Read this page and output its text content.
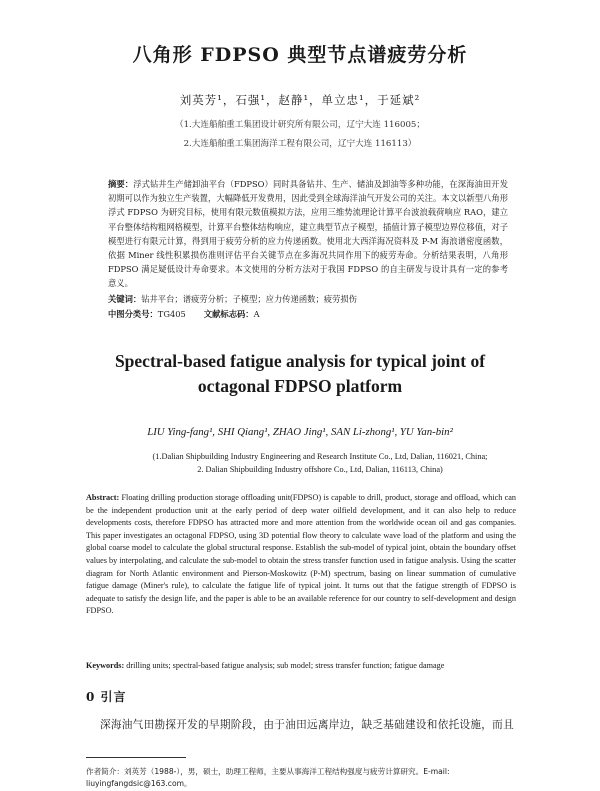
八角形 FDPSO 典型节点谱疲劳分析
刘英芳¹，石强¹，赵静¹，单立忠¹，于延斌²
（1.大连船舶重工集团设计研究所有限公司，辽宁大连 116005；
2.大连船舶重工集团海洋工程有限公司，辽宁大连 116113）

摘要：浮式钻井生产储卸油平台（FDPSO）同时具备钻井、生产、储油及卸油等多种功能，在深海油田开发初期可以作为独立生产装置，大幅降低开发费用，因此受到全球海洋油气开发公司的关注。本文以新型八角形浮式 FDPSO 为研究目标，使用有限元数值模拟方法，应用三维势流理论计算平台波浪载荷响应 RAO，建立平台整体结构粗网格模型，计算平台整体结构响应，建立典型节点子模型，插值计算子模型边界位移值，对子模型进行有限元计算，得到用于疲劳分析的应力传递函数。使用北大西洋海况资料及 P-M 海浪谱密度函数，依据 Miner 线性积累损伤准则评估平台关键节点在多海况共同作用下的疲劳寿命。分析结果表明，八角形 FDPSO 满足疑低设计寿命要求。本文使用的分析方法对于我国 FDPSO 的自主研发与设计具有一定的参考意义。

关键词：钻井平台；谱疲劳分析；子模型；应力传递函数；疲劳损伤
中图分类号：TG405 文献标志码：A
Spectral-based fatigue analysis for typical joint of
octagonal FDPSO platform
LIU Ying-fang¹, SHI Qiang¹, ZHAO Jing¹, SAN Li-zhong¹, YU Yan-bin²
(1.Dalian Shipbuilding Industry Engineering and Research Institute Co., Ltd, Dalian, 116021, China;
2. Dalian Shipbuilding Industry offshore Co., Ltd, Dalian, 116113, China)

Abstract: Floating drilling production storage offloading unit(FDPSO) is capable to drill, product, storage and offload, which can be the independent production unit at the early period of deep water oilfield development, and it can also help to reduce developments costs, therefore FDPSO has attracted more and more attention from the worldwide ocean oil and gas companies. This paper investigates an octagonal FDPSO, using 3D potential flow theory to calculate wave load of the platform and using the global coarse model to calculate the global structural response. Establish the sub-model of typical joint, obtain the boundary offset values by interpolating, and calculate the sub-model to obtain the stress transfer function used in fatigue analysis. Using the scatter diagram for North Atlantic environment and Pierson-Moskowitz (P-M) spectrum, basing on linear summation of cumulative fatigue damage (Miner's rule), to calculate the fatigue life of typical joint. It turns out that the fatigue strength of FDPSO is adequate to satisfy the design life, and the paper is able to be an available reference for our country to self-development and design FDPSO.

Keywords: drilling units; spectral-based fatigue analysis; sub model; stress transfer function; fatigue damage
0 引言

深海油气田勘探开发的早期阶段，由于油田远离岸边，缺乏基础建设和依托设施，而且

作者简介：刘英芳（1988-），男，硕士，助理工程师，主要从事海洋工程结构强度与疲劳计算研究。E-mail:
liuyingfangdsic@163.com。
